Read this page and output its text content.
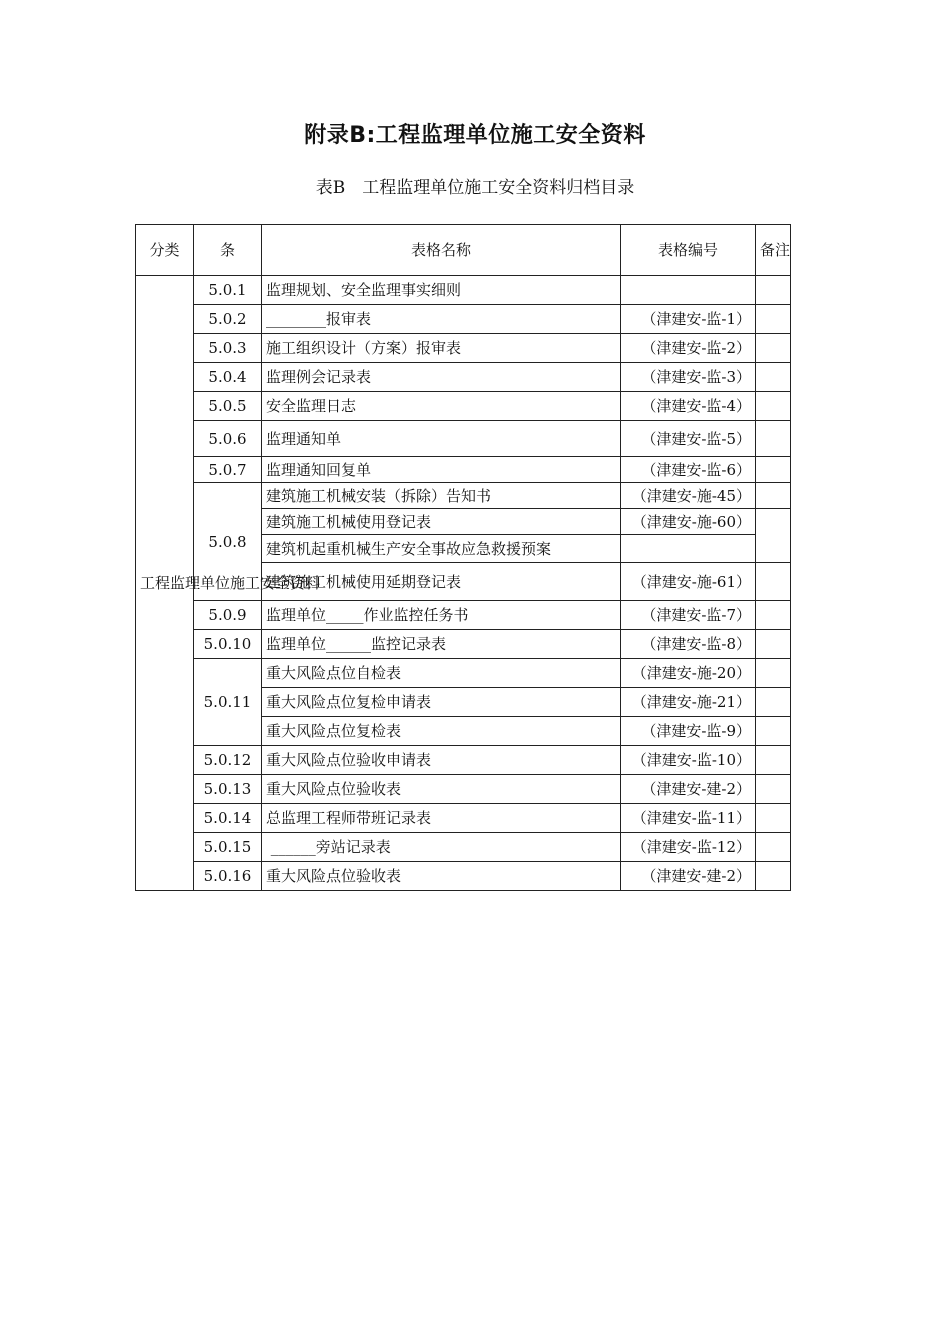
附录B:工程监理单位施工安全资料
表B　工程监理单位施工安全资料归档目录
分类	条	表格名称	表格编号	备注
工程监理单位施工安全资料	5.0.1	监理规划、安全监理事实细则		
	5.0.2	________报审表	（津建安-监-1）	
	5.0.3	施工组织设计（方案）报审表	（津建安-监-2）	
	5.0.4	监理例会记录表	（津建安-监-3）	
	5.0.5	安全监理日志	（津建安-监-4）	
	5.0.6	监理通知单	（津建安-监-5）	
	5.0.7	监理通知回复单	（津建安-监-6）	
	5.0.8	建筑施工机械安装（拆除）告知书	（津建安-施-45）	
		建筑施工机械使用登记表	（津建安-施-60）	
		建筑机起重机械生产安全事故应急救援预案		
		建筑施工机械使用延期登记表	（津建安-施-61）	
	5.0.9	监理单位_____作业监控任务书	（津建安-监-7）	
	5.0.10	监理单位______监控记录表	（津建安-监-8）	
	5.0.11	重大风险点位自检表	（津建安-施-20）	
		重大风险点位复检申请表	（津建安-施-21）	
		重大风险点位复检表	（津建安-监-9）	
	5.0.12	重大风险点位验收申请表	（津建安-监-10）	
	5.0.13	重大风险点位验收表	（津建安-建-2）	
	5.0.14	总监理工程师带班记录表	（津建安-监-11）	
	5.0.15	______旁站记录表	（津建安-监-12）	
	5.0.16	重大风险点位验收表	（津建安-建-2）	
